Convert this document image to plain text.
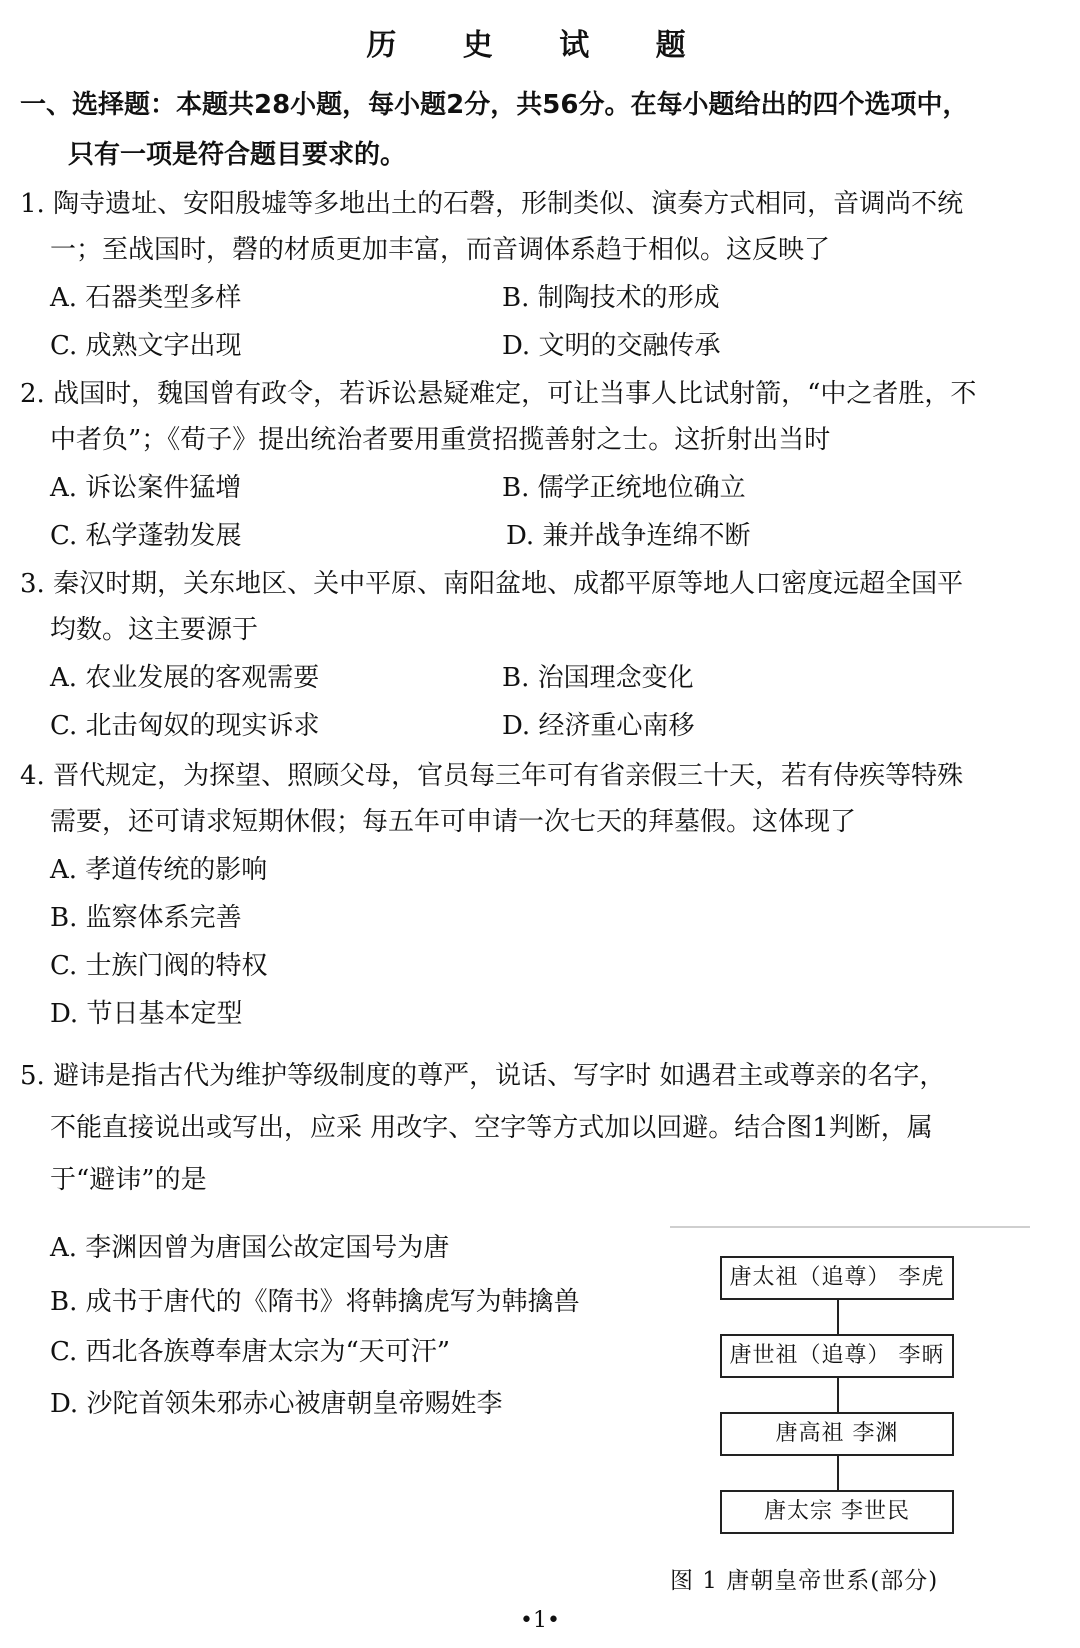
历 史 试 题
一、选择题：本题共28小题，每小题2分，共56分。在每小题给出的四个选项中，
只有一项是符合题目要求的。
1. 陶寺遗址、安阳殷墟等多地出土的石磬，形制类似、演奏方式相同，音调尚不统
一；至战国时，磬的材质更加丰富，而音调体系趋于相似。这反映了
A. 石器类型多样	B. 制陶技术的形成
C. 成熟文字出现	D. 文明的交融传承
2. 战国时，魏国曾有政令，若诉讼悬疑难定，可让当事人比试射箭，“中之者胜，不
中者负”；《荀子》提出统治者要用重赏招揽善射之士。这折射出当时
A. 诉讼案件猛增	B. 儒学正统地位确立
C. 私学蓬勃发展	D. 兼并战争连绵不断
3. 秦汉时期，关东地区、关中平原、南阳盆地、成都平原等地人口密度远超全国平
均数。这主要源于
A. 农业发展的客观需要	B. 治国理念变化
C. 北击匈奴的现实诉求	D. 经济重心南移
4. 晋代规定，为探望、照顾父母，官员每三年可有省亲假三十天，若有侍疾等特殊
需要，还可请求短期休假；每五年可申请一次七天的拜墓假。这体现了
A. 孝道传统的影响
B. 监察体系完善
C. 士族门阀的特权
D. 节日基本定型
5. 避讳是指古代为维护等级制度的尊严，说话、写字时 如遇君主或尊亲的名字，
不能直接说出或写出，应采 用改字、空字等方式加以回避。结合图1判断，属
于“避讳”的是
A. 李渊因曾为唐国公故定国号为唐
B. 成书于唐代的《隋书》将韩擒虎写为韩擒兽
C. 西北各族尊奉唐太宗为“天可汗”
D. 沙陀首领朱邪赤心被唐朝皇帝赐姓李
唐太祖（追尊） 李虎
唐世祖（追尊） 李昞
唐高祖 李渊
唐太宗 李世民
图 1 唐朝皇帝世系(部分)
•1•
